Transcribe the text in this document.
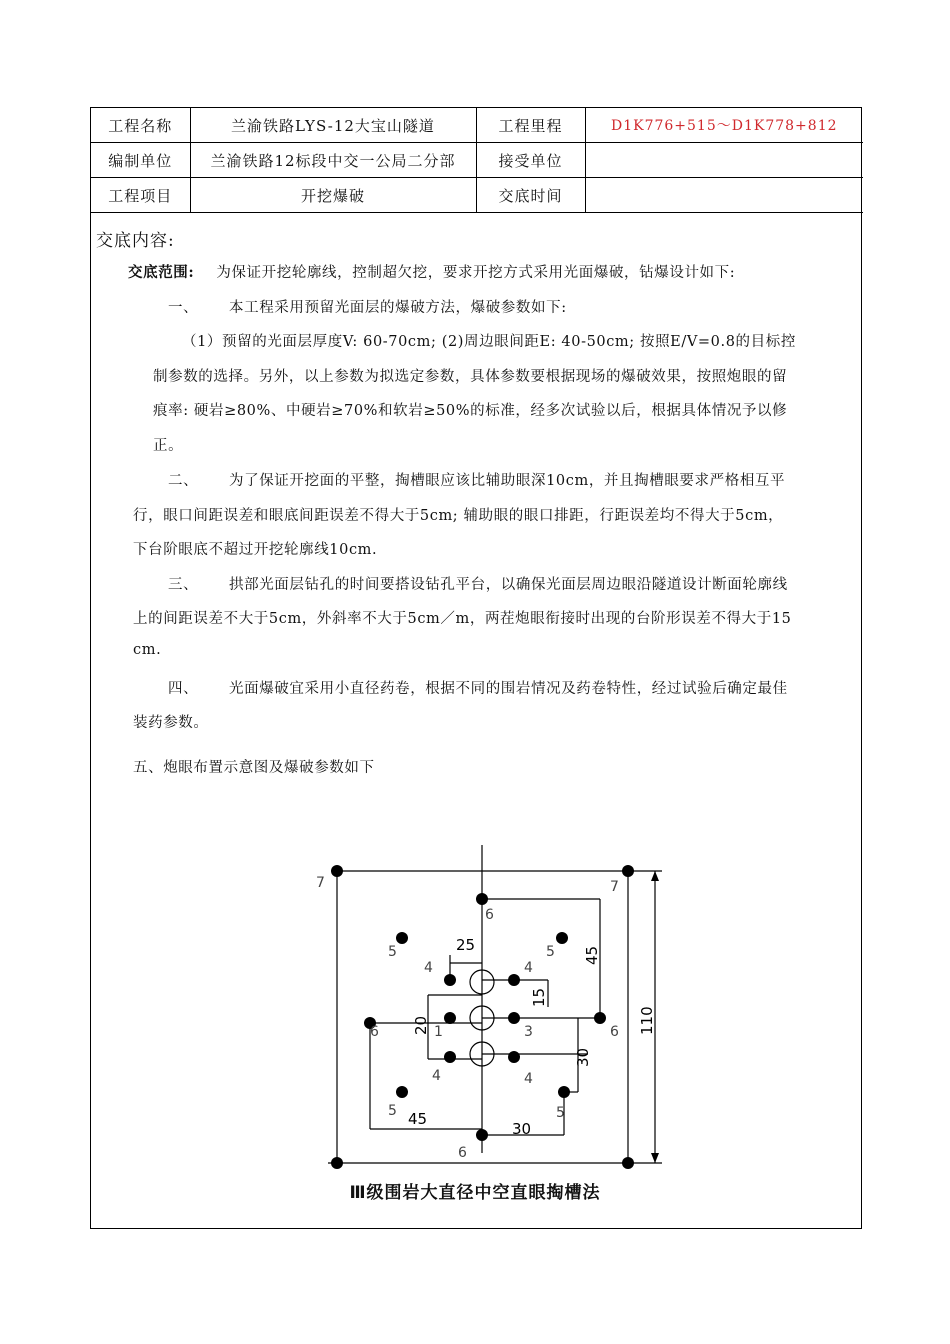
工程名称	兰渝铁路LYS-12大宝山隧道	工程里程	D1K776+515～D1K778+812
编制单位	兰渝铁路12标段中交一公局二分部	接受单位	
工程项目	开挖爆破	交底时间	
交底内容:
交底范围: 为保证开挖轮廓线，控制超欠挖，要求开挖方式采用光面爆破，钻爆设计如下:
一、 本工程采用预留光面层的爆破方法，爆破参数如下:
（1）预留的光面层厚度V: 60-70cm; (2)周边眼间距E: 40-50cm; 按照E/V=0.8的目标控
制参数的选择。另外，以上参数为拟选定参数，具体参数要根据现场的爆破效果，按照炮眼的留
痕率: 硬岩≥80%、中硬岩≥70%和软岩≥50%的标准，经多次试验以后，根据具体情况予以修
正。
二、 为了保证开挖面的平整，掏槽眼应该比辅助眼深10cm，并且掏槽眼要求严格相互平
行，眼口间距误差和眼底间距误差不得大于5cm; 辅助眼的眼口排距，行距误差均不得大于5cm，
下台阶眼底不超过开挖轮廓线10cm.
三、 拱部光面层钻孔的时间要搭设钻孔平台，以确保光面层周边眼沿隧道设计断面轮廓线
上的间距误差不大于5cm，外斜率不大于5cm／m，两茬炮眼衔接时出现的台阶形误差不得大于15
cm.
四、 光面爆破宜采用小直径药卷，根据不同的围岩情况及药卷特性，经过试验后确定最佳
装药参数。
五、炮眼布置示意图及爆破参数如下
7	7
6
6	6
6
5	5
5	5
4	4
4	4
1	3
25
45
30
45
15
20
30
110
Ⅲ级围岩大直径中空直眼掏槽法
